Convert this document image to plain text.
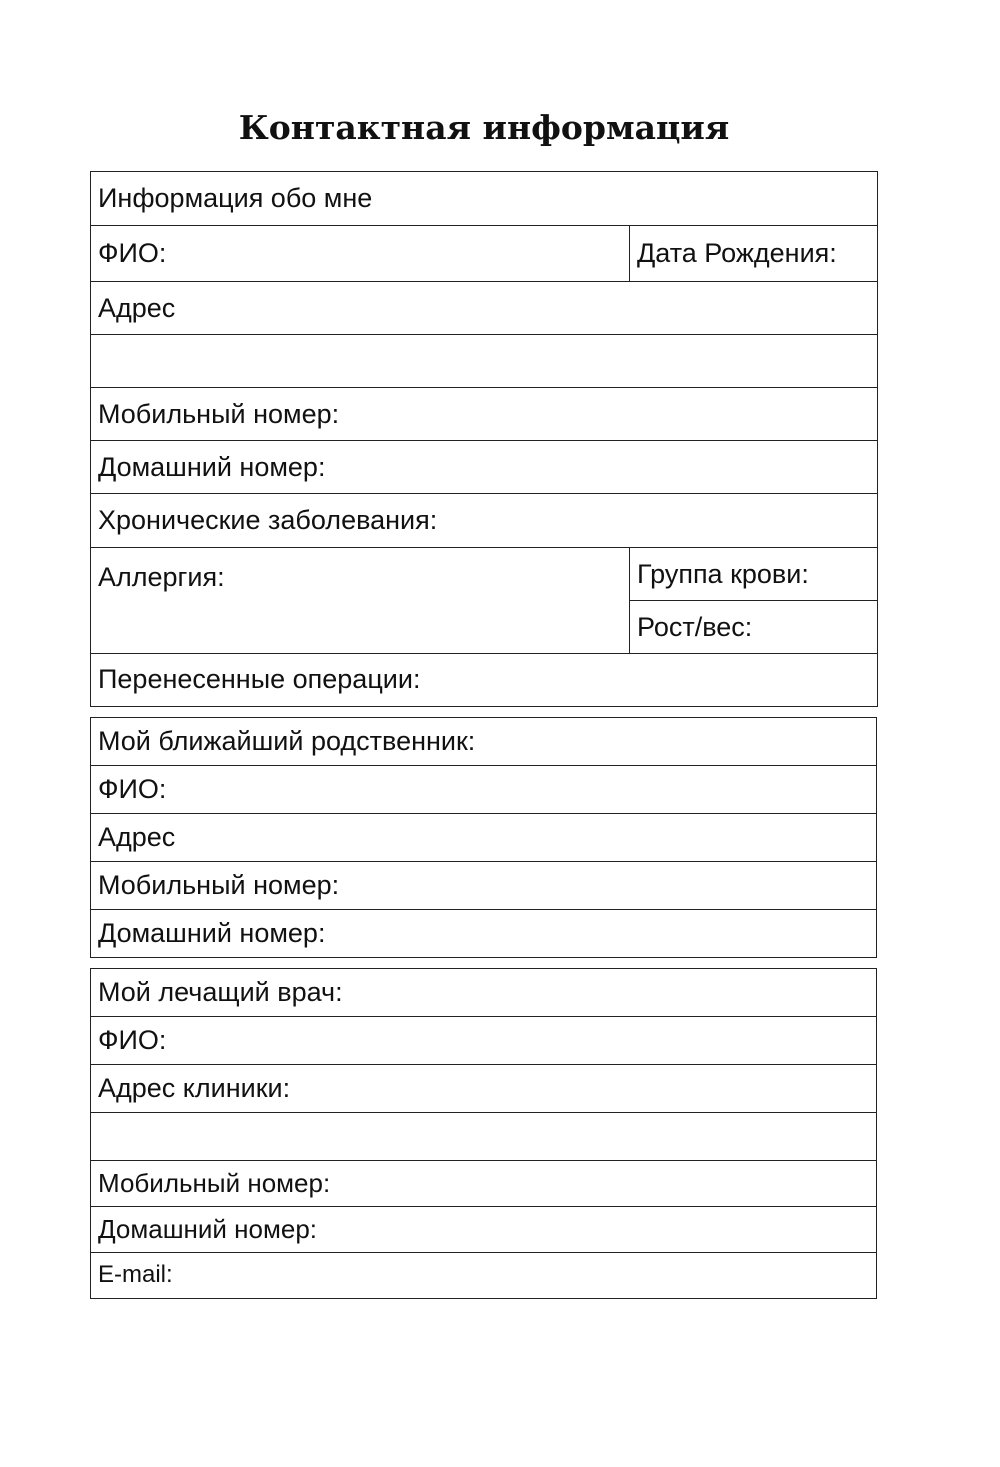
Контактная информация
Информация обо мне
ФИО:	Дата Рождения:
Адрес
Мобильный номер:
Домашний номер:
Хронические заболевания:
Аллергия:	Группа крови:
Рост/вес:
Перенесенные операции:
Мой ближайший родственник:
ФИО:
Адрес
Мобильный номер:
Домашний номер:
Мой лечащий врач:
ФИО:
Адрес клиники:
Мобильный номер:
Домашний номер:
E-mail:
